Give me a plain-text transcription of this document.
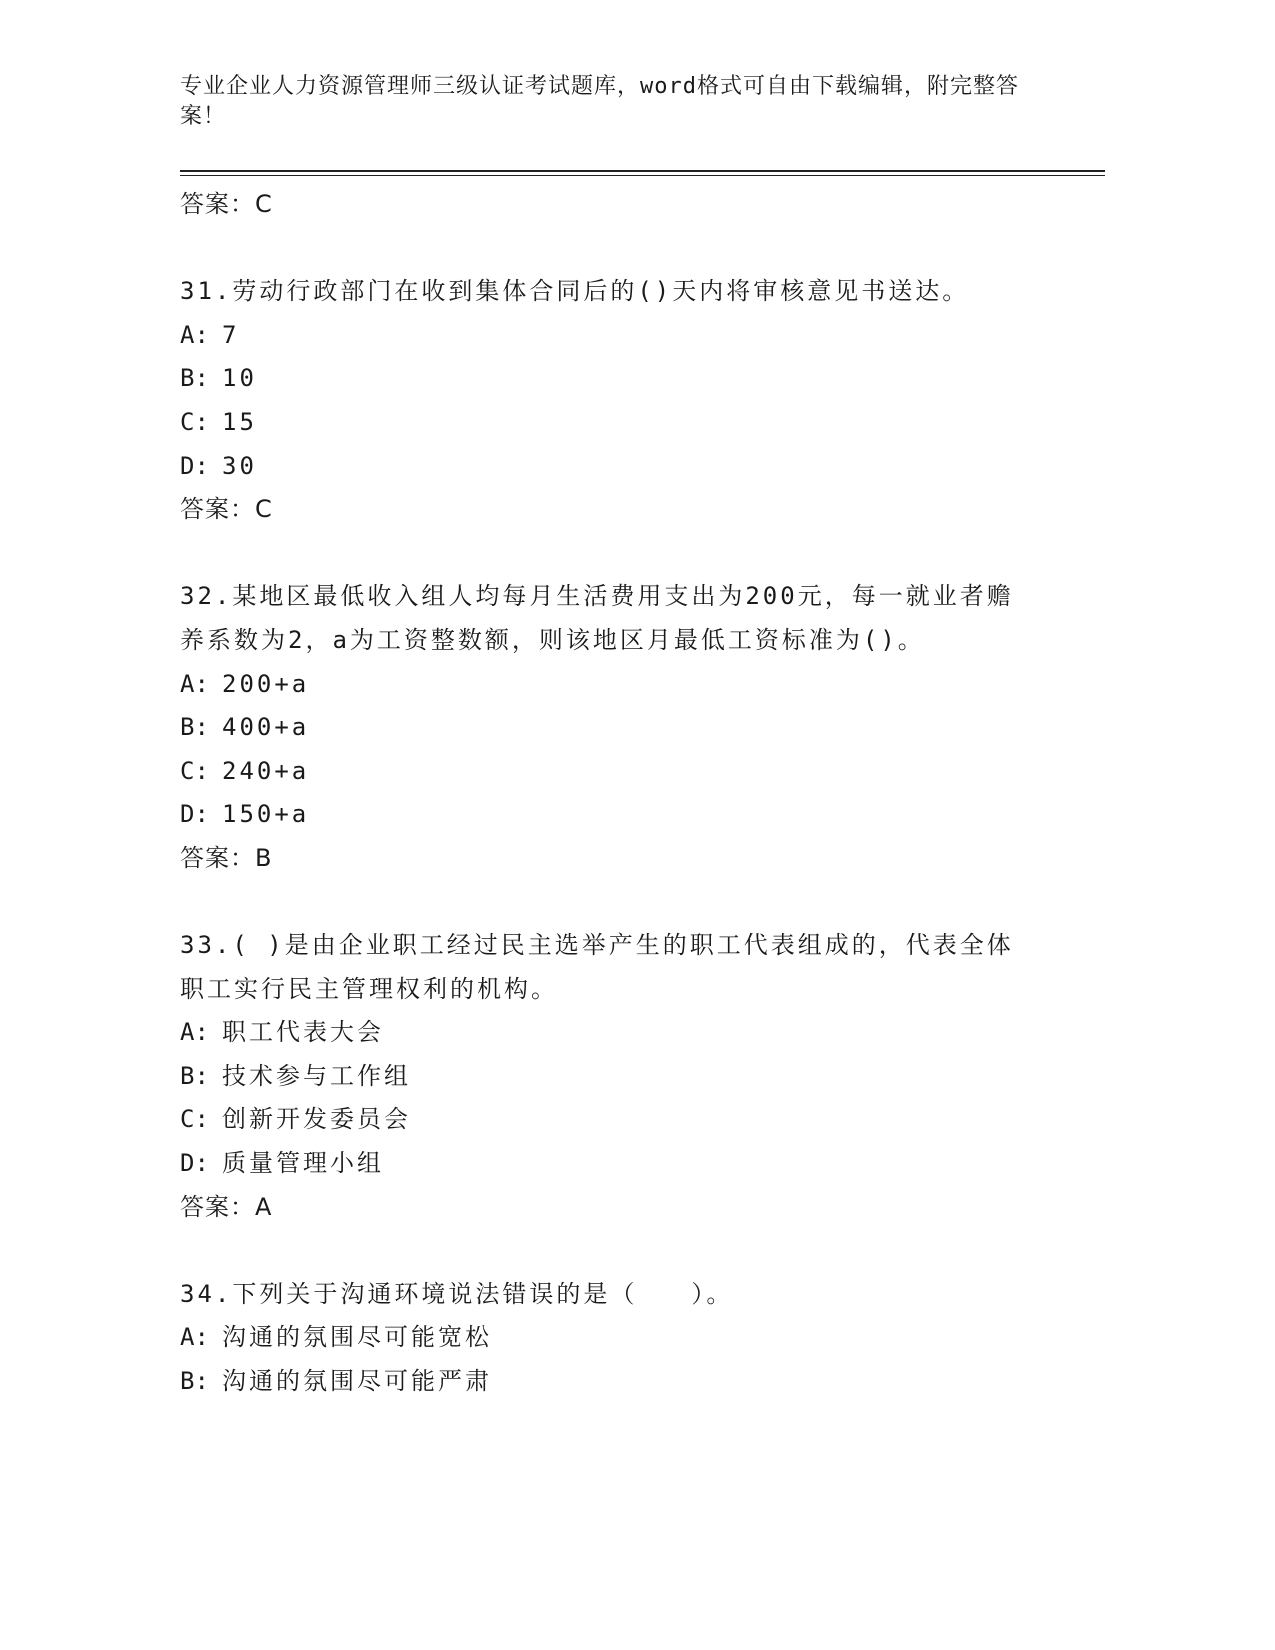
专业企业人力资源管理师三级认证考试题库，word格式可自由下载编辑，附完整答案！
答案：C
31.劳动行政部门在收到集体合同后的()天内将审核意见书送达。
A: 7
B: 10
C: 15
D: 30
答案：C
32.某地区最低收入组人均每月生活费用支出为200元，每一就业者赡
养系数为2，a为工资整数额，则该地区月最低工资标准为()。
A: 200+a
B: 400+a
C: 240+a
D: 150+a
答案：B
33.( )是由企业职工经过民主选举产生的职工代表组成的，代表全体
职工实行民主管理权利的机构。
A: 职工代表大会
B: 技术参与工作组
C: 创新开发委员会
D: 质量管理小组
答案：A
34.下列关于沟通环境说法错误的是（　　）。
A: 沟通的氛围尽可能宽松
B: 沟通的氛围尽可能严肃
